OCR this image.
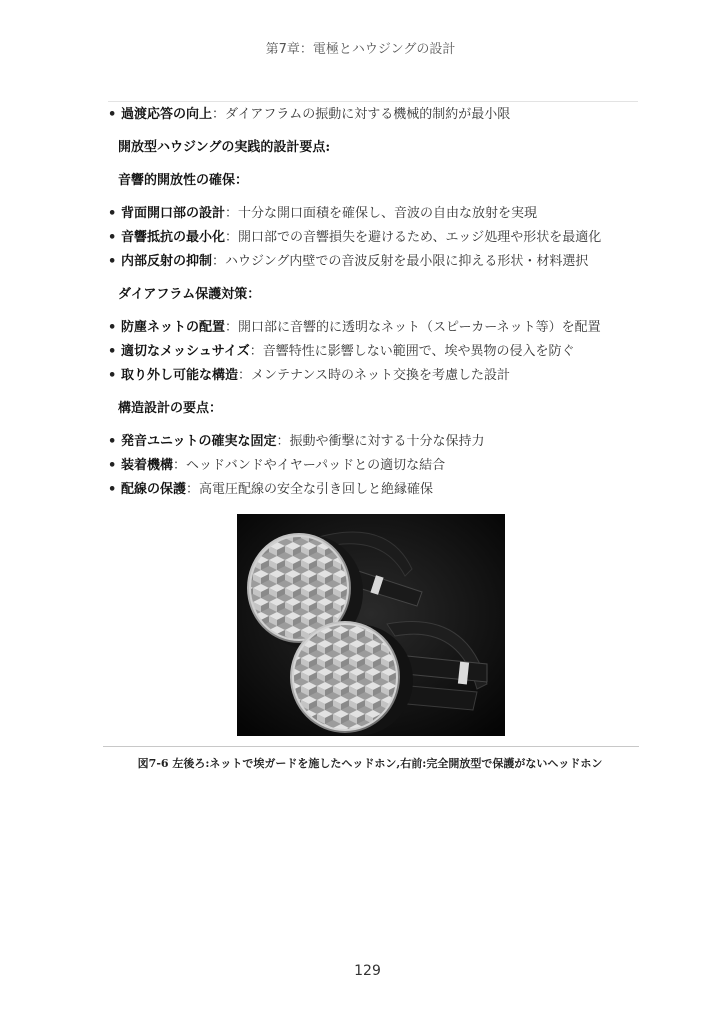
第7章：電極とハウジングの設計
• 過渡応答の向上 ：ダイアフラムの振動に対する機械的制約が最小限
開放型ハウジングの実践的設計要点:
音響的開放性の確保：
• 背面開口部の設計 ：十分な開口面積を確保し、音波の自由な放射を実現
• 音響抵抗の最小化 ：開口部での音響損失を避けるため、エッジ処理や形状を最適化
• 内部反射の抑制 ：ハウジング内壁での音波反射を最小限に抑える形状・材料選択
ダイアフラム保護対策：
• 防塵ネットの配置 ：開口部に音響的に透明なネット（スピーカーネット等）を配置
• 適切なメッシュサイズ ：音響特性に影響しない範囲で、埃や異物の侵入を防ぐ
• 取り外し可能な構造 ：メンテナンス時のネット交換を考慮した設計
構造設計の要点：
• 発音ユニットの確実な固定 ：振動や衝撃に対する十分な保持力
• 装着機構 ：ヘッドバンドやイヤーパッドとの適切な結合
• 配線の保護 ：高電圧配線の安全な引き回しと絶縁確保
図7-6 左後ろ:ネットで埃ガードを施したヘッドホン,右前:完全開放型で保護がないヘッドホン
129
